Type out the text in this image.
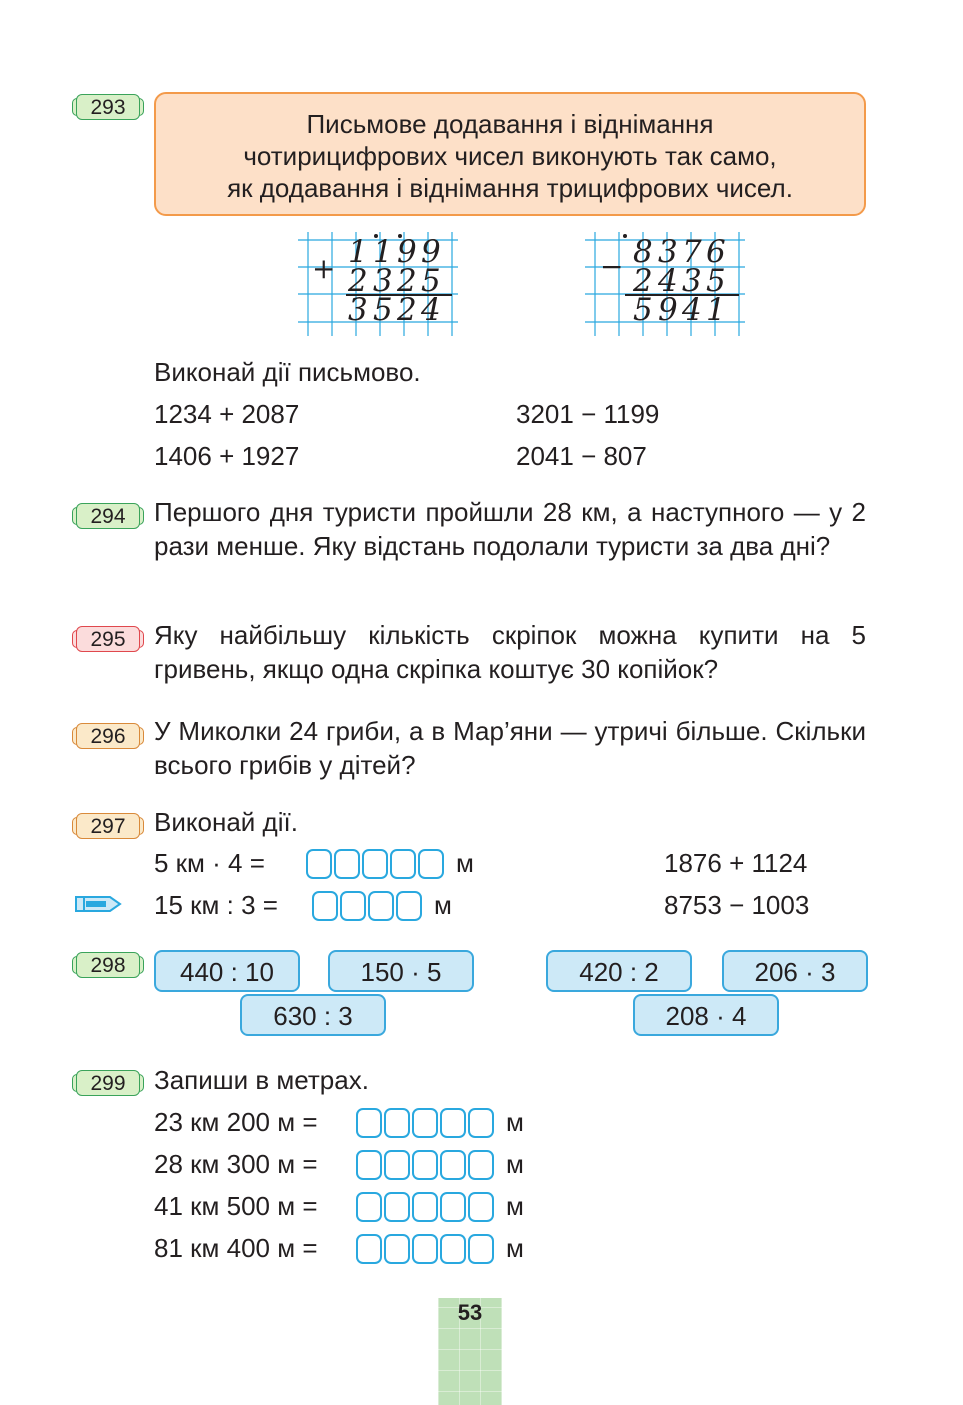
293
Письмове додавання і віднімання
чотирицифрових чисел виконують так само,
як додавання і віднімання трицифрових чисел.
+ 1 1 9 9
2 3 2 5
3 5 2 4
− 8 3 7 6
2 4 3 5
5 9 4 1
Виконай дії письмово.
1234 + 2087	3201 − 1199
1406 + 1927	2041 − 807
294	Першого дня туристи пройшли 28 км, а наступного — у 2 рази менше. Яку відстань подолали туристи за два дні?
295	Яку найбільшу кількість скріпок можна купити на 5 гривень, якщо одна скріпка коштує 30 копійок?
296	У Миколки 24 гриби, а в Мар’яни — утричі більше. Скільки всього грибів у дітей?
297	Виконай дії.
5 км · 4 =	м	1876 + 1124
15 км : 3 =	м	8753 − 1003
298	440 : 10	150 · 5
630 : 3
420 : 2	206 · 3
208 · 4
299	Запиши в метрах.
23 км 200 м =	м
28 км 300 м =	м
41 км 500 м =	м
81 км 400 м =	м
53
